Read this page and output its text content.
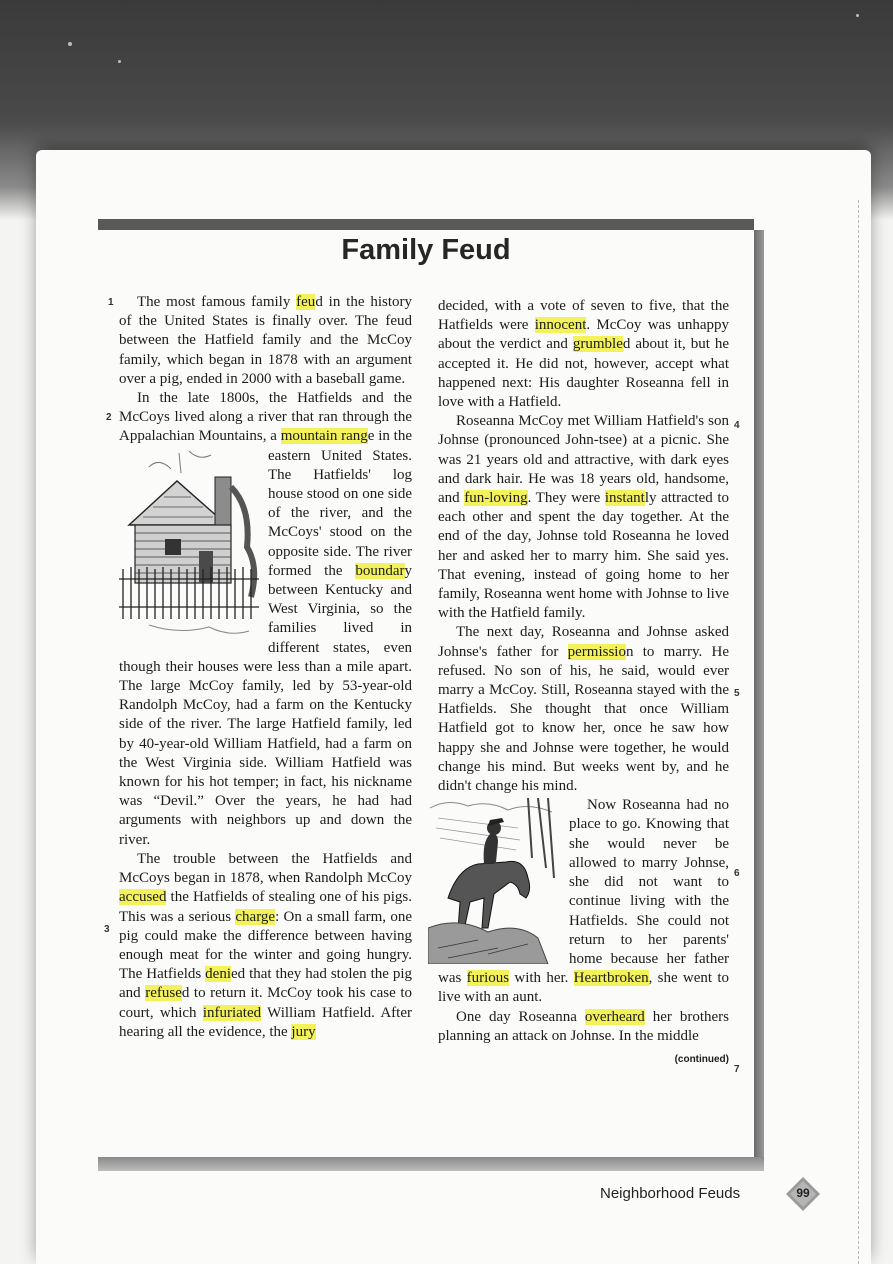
Family Feud
1
2
3
4
5
6
7

The most famous family feud in the history of the United States is finally over. The feud between the Hatfield family and the McCoy family, which began in 1878 with an argument over a pig, ended in 2000 with a baseball game.

In the late 1800s, the Hatfields and the McCoys lived along a river that ran through the Appalachian Mountains, a mountain rang
e in the eastern United States. The Hatfields' log house stood on one side of the river, and the McCoys' stood on the opposite side. The river formed the boundary between Kentucky and West Virginia, so the families lived in different states, even though their houses were less than a mile apart. The large McCoy family, led by 53-year-old Randolph McCoy, had a farm on the Kentucky side of the river. The large Hatfield family, led by 40-year-old William Hatfield, had a farm on the West Virginia side. William Hatfield was known for his hot temper; in fact, his nickname was “Devil.” Over the years, he had had arguments with neighbors up and down the river.

The trouble between the Hatfields and McCoys began in 1878, when Randolph McCoy accused the Hatfields of stealing one of his pigs. This was a serious charge: On a small farm, one pig could make the difference between having enough meat for the winter and going hungry. The Hatfields denied that they had stolen the pig and refused to return it. McCoy took his case to court, which infuriated William Hatfield. After hearing all the evidence, the jury

decided, with a vote of seven to five, that the Hatfields were innocent. McCoy was unhappy about the verdict and grumbled about it, but he accepted it. He did not, however, accept what happened next: His daughter Roseanna fell in love with a Hatfield.

Roseanna McCoy met William Hatfield's son Johnse (pronounced John-tsee) at a picnic. She was 21 years old and attractive, with dark eyes and dark hair. He was 18 years old, handsome, and fun-loving. They were instantly attracted to each other and spent the day together. At the end of the day, Johnse told Roseanna he loved her and asked her to marry him. She said yes. That evening, instead of going home to her family, Roseanna went home with Johnse to live with the Hatfield family.

The next day, Roseanna and Johnse asked Johnse's father for permission to marry. He refused. No son of his, he said, would ever marry a McCoy. Still, Roseanna stayed with the Hatfields. She thought that once William Hatfield got to know her, once he saw how happy she and Johnse were together, he would change his mind. But weeks went by, and he didn't change his mind.

Now Roseanna had no place to go. Knowing that she would never be allowed to marry Johnse, she did not want to continue living with the Hatfields. She could not return to her parents' home because her father was furious with her. Heartbroken, she went to live with an aunt.

One day Roseanna overheard her brothers planning an attack on Johnse. In the middle

(continued)
Neighborhood Feuds	99
